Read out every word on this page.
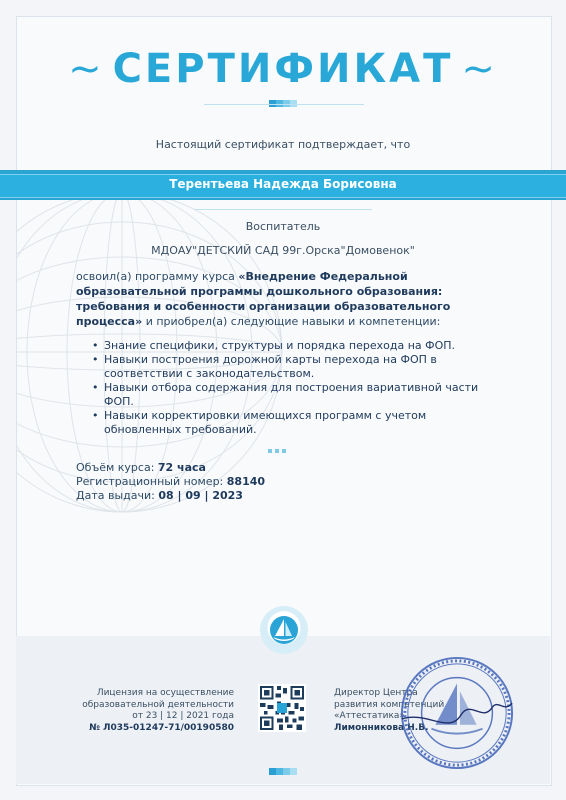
~ СЕРТИФИКАТ ~
Настоящий сертификат подтверждает, что
Терентьева Надежда Борисовна
Воспитатель
МДОАУ"ДЕТСКИЙ САД 99г.Орска"Домовенок"
освоил(а) программу курса «Внедрение Федеральной образовательной программы дошкольного образования: требования и особенности организации образовательного процесса» и приобрел(а) следующие навыки и компетенции:
• Знание специфики, структуры и порядка перехода на ФОП.
• Навыки построения дорожной карты перехода на ФОП в соответствии с законодательством.
• Навыки отбора содержания для построения вариативной части ФОП.
• Навыки корректировки имеющихся программ с учетом обновленных требований.
Объём курса: 72 часа
Регистрационный номер: 88140
Дата выдачи: 08 | 09 | 2023
Лицензия на осуществление
образовательной деятельности
от 23 | 12 | 2021 года
№ Л035-01247-71/00190580
Директор Центра
развития компетенций
«Аттестатика»
Лимонникова Н.В.
